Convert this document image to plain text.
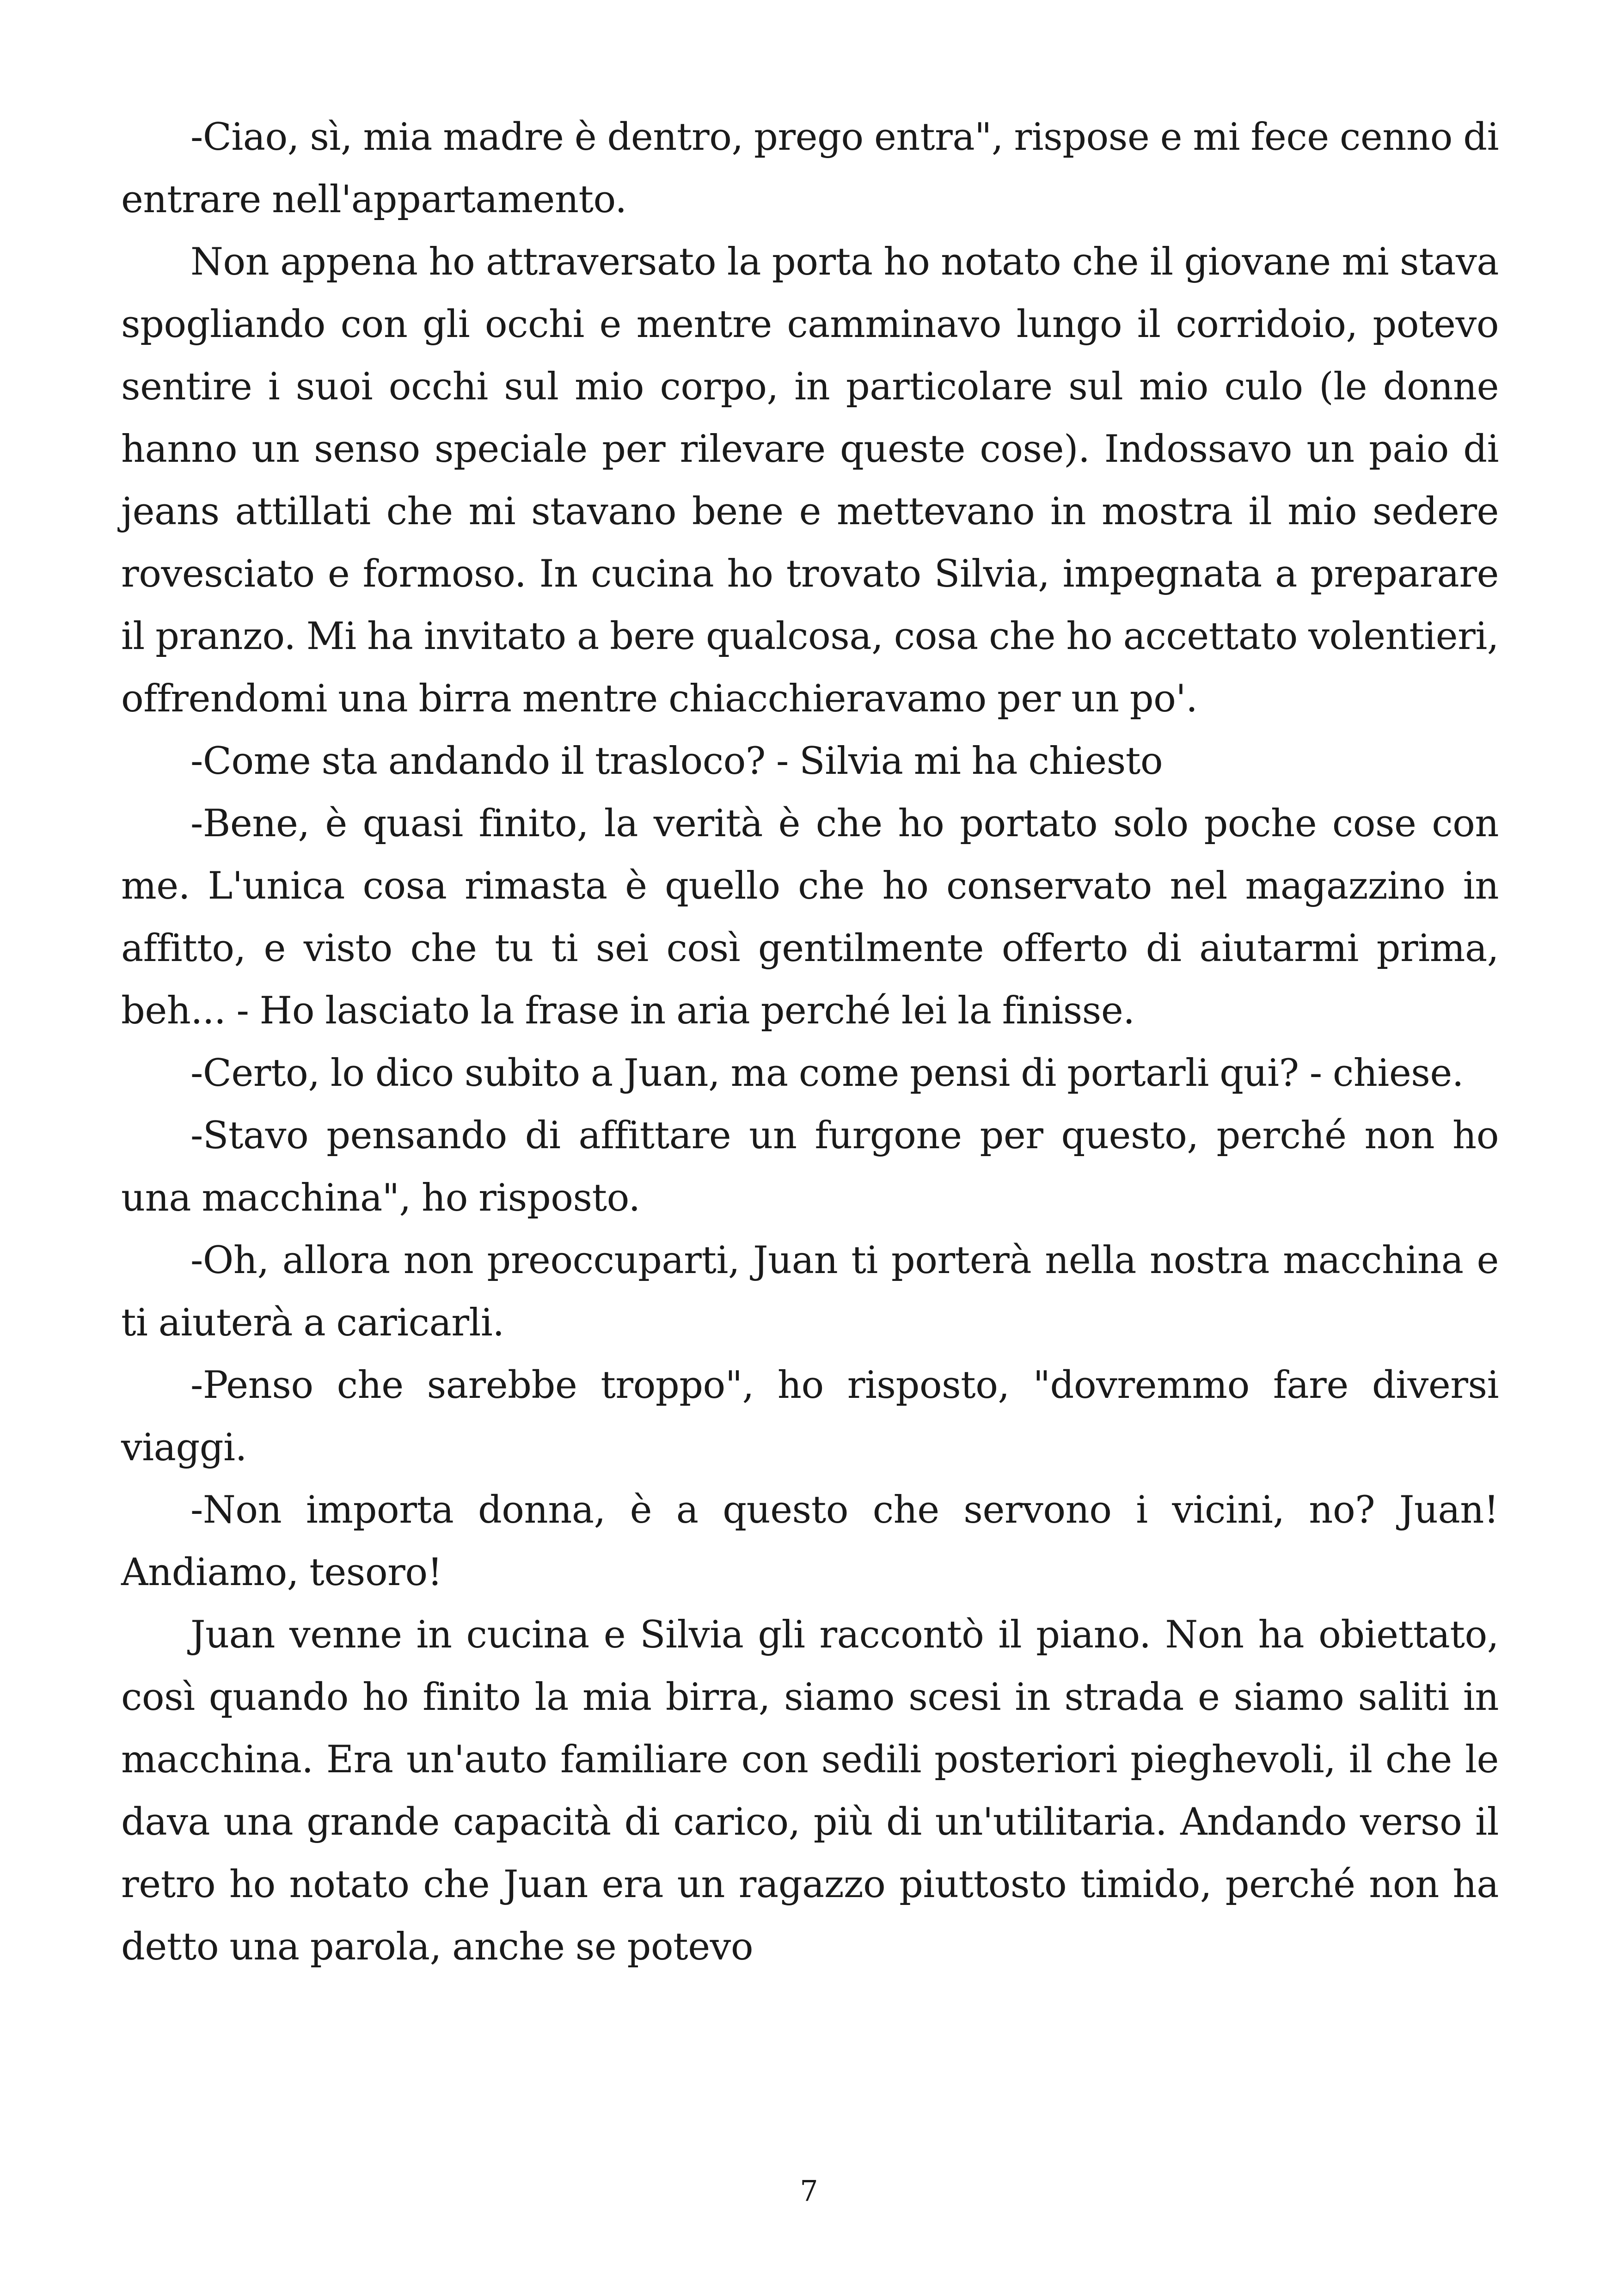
-Ciao, sì, mia madre è dentro, prego entra", rispose e mi fece cenno di entrare nell'appartamento.

Non appena ho attraversato la porta ho notato che il giovane mi stava spogliando con gli occhi e mentre camminavo lungo il corridoio, potevo sentire i suoi occhi sul mio corpo, in particolare sul mio culo (le donne hanno un senso speciale per rilevare queste cose). Indossavo un paio di jeans attillati che mi stavano bene e mettevano in mostra il mio sedere rovesciato e formoso. In cucina ho trovato Silvia, impegnata a preparare il pranzo. Mi ha invitato a bere qualcosa, cosa che ho accettato volentieri, offrendomi una birra mentre chiacchieravamo per un po'.

-Come sta andando il trasloco? - Silvia mi ha chiesto

-Bene, è quasi finito, la verità è che ho portato solo poche cose con me. L'unica cosa rimasta è quello che ho conservato nel magazzino in affitto, e visto che tu ti sei così gentilmente offerto di aiutarmi prima, beh... - Ho lasciato la frase in aria perché lei la finisse.

-Certo, lo dico subito a Juan, ma come pensi di portarli qui? - chiese.

-Stavo pensando di affittare un furgone per questo, perché non ho una macchina", ho risposto.

-Oh, allora non preoccuparti, Juan ti porterà nella nostra macchina e ti aiuterà a caricarli.

-Penso che sarebbe troppo", ho risposto, "dovremmo fare diversi viaggi.

-Non importa donna, è a questo che servono i vicini, no? Juan! Andiamo, tesoro!

Juan venne in cucina e Silvia gli raccontò il piano. Non ha obiettato, così quando ho finito la mia birra, siamo scesi in strada e siamo saliti in macchina. Era un'auto familiare con sedili posteriori pieghevoli, il che le dava una grande capacità di carico, più di un'utilitaria. Andando verso il retro ho notato che Juan era un ragazzo piuttosto timido, perché non ha detto una parola, anche se potevo

7
